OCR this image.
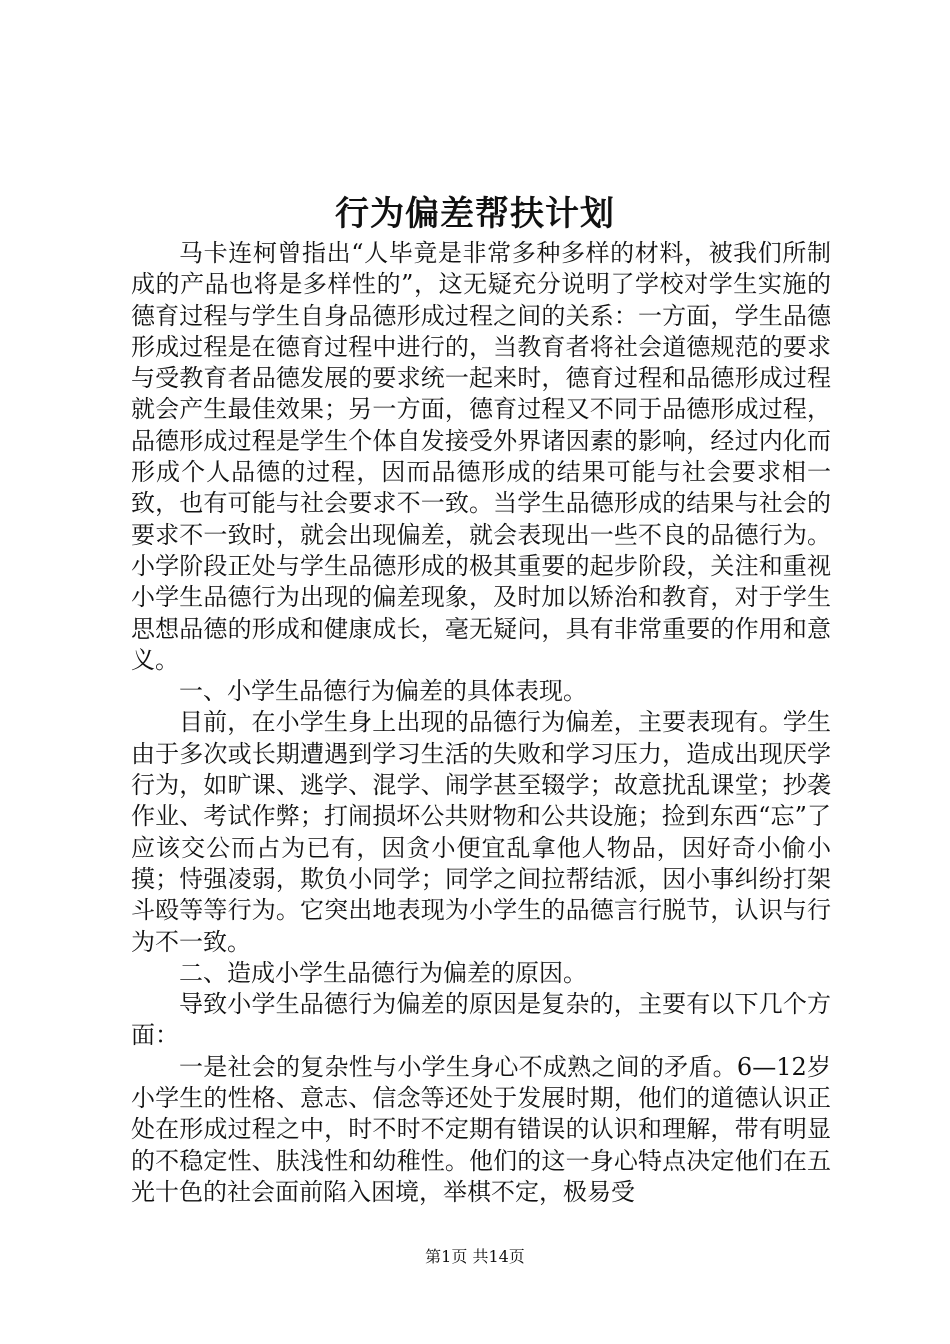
行为偏差帮扶计划

马卡连柯曾指出“人毕竟是非常多种多样的材料，被我们所制成的产品也将是多样性的”，这无疑充分说明了学校对学生实施的德育过程与学生自身品德形成过程之间的关系：一方面，学生品德形成过程是在德育过程中进行的，当教育者将社会道德规范的要求与受教育者品德发展的要求统一起来时，德育过程和品德形成过程就会产生最佳效果；另一方面，德育过程又不同于品德形成过程，品德形成过程是学生个体自发接受外界诸因素的影响，经过内化而形成个人品德的过程，因而品德形成的结果可能与社会要求相一致，也有可能与社会要求不一致。当学生品德形成的结果与社会的要求不一致时，就会出现偏差，就会表现出一些不良的品德行为。小学阶段正处与学生品德形成的极其重要的起步阶段，关注和重视小学生品德行为出现的偏差现象，及时加以矫治和教育，对于学生思想品德的形成和健康成长，毫无疑问，具有非常重要的作用和意义。

一、小学生品德行为偏差的具体表现。

目前，在小学生身上出现的品德行为偏差，主要表现有。学生由于多次或长期遭遇到学习生活的失败和学习压力，造成出现厌学行为，如旷课、逃学、混学、闹学甚至辍学；故意扰乱课堂；抄袭作业、考试作弊；打闹损坏公共财物和公共设施；捡到东西“忘”了应该交公而占为已有，因贪小便宜乱拿他人物品，因好奇小偷小摸；恃强凌弱，欺负小同学；同学之间拉帮结派，因小事纠纷打架斗殴等等行为。它突出地表现为小学生的品德言行脱节，认识与行为不一致。

二、造成小学生品德行为偏差的原因。

导致小学生品德行为偏差的原因是复杂的，主要有以下几个方面：

一是社会的复杂性与小学生身心不成熟之间的矛盾。6—12岁小学生的性格、意志、信念等还处于发展时期，他们的道德认识正处在形成过程之中，时不时不定期有错误的认识和理解，带有明显的不稳定性、肤浅性和幼稚性。他们的这一身心特点决定他们在五光十色的社会面前陷入困境，举棋不定，极易受

第1页 共14页
